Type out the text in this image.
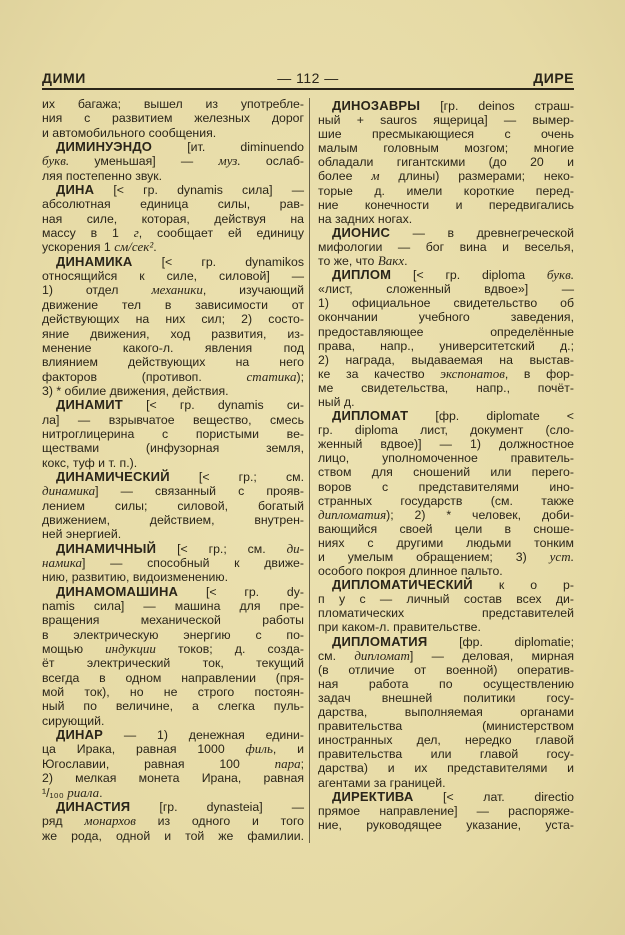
ДИМИ	— 112 —	ДИРЕ
их багажа; вышел из употребле-
ния с развитием железных дорог
и автомобильного сообщения.
ДИМИНУЭНДО [ит. diminuendo
букв. уменьшая] — муз. ослаб-
ляя постепенно звук.
ДИНА [< гр. dynamis сила] —
абсолютная единица силы, рав-
ная силе, которая, действуя на
массу в 1 г, сообщает ей единицу
ускорения 1 см/сек².
ДИНАМИКА [< гр. dynamikos
относящийся к силе, силовой] —
1) отдел механики, изучающий
движение тел в зависимости от
действующих на них сил; 2) состо-
яние движения, ход развития, из-
менение какого-л. явления под
влиянием действующих на него
факторов (противоп. статика);
3) * обилие движения, действия.
ДИНАМИТ [< гр. dynamis си-
ла] — взрывчатое вещество, смесь
нитроглицерина с пористыми ве-
ществами (инфузорная земля,
кокс, туф и т. п.).
ДИНАМИЧЕСКИЙ [< гр.; см.
динамика] — связанный с прояв-
лением силы; силовой, богатый
движением, действием, внутрен-
ней энергией.
ДИНАМИЧНЫЙ [< гр.; см. ди-
намика] — способный к движе-
нию, развитию, видоизменению.
ДИНАМОМАШИНА [< гр. dy-
namis сила] — машина для пре-
вращения механической работы
в электрическую энергию с по-
мощью индукции токов; д. созда-
ёт электрический ток, текущий
всегда в одном направлении (пря-
мой ток), но не строго постоян-
ный по величине, а слегка пуль-
сирующий.
ДИНАР — 1) денежная едини-
ца Ирака, равная 1000 филь, и
Югославии, равная 100 пара;
2) мелкая монета Ирана, равная
¹/₁₀₀ риала.
ДИНАСТИЯ [гр. dynasteia] —
ряд монархов из одного и того
же рода, одной и той же фамилии.
ДИНОЗАВРЫ [гр. deinos страш-
ный + sauros ящерица] — вымер-
шие пресмыкающиеся с очень
малым головным мозгом; многие
обладали гигантскими (до 20 и
более м длины) размерами; неко-
торые д. имели короткие перед-
ние конечности и передвигались
на задних ногах.
ДИОНИС — в древнегреческой
мифологии — бог вина и веселья,
то же, что Вакх.
ДИПЛОМ [< гр. diploma букв.
«лист, сложенный вдвое»] —
1) официальное свидетельство об
окончании учебного заведения,
предоставляющее определённые
права, напр., университетский д.;
2) награда, выдаваемая на выстав-
ке за качество экспонатов, в фор-
ме свидетельства, напр., почёт-
ный д.
ДИПЛОМАТ [фр. diplomate <
гр. diploma лист, документ (сло-
женный вдвое)] — 1) должностное
лицо, уполномоченное правитель-
ством для сношений или перего-
воров с представителями ино-
странных государств (см. также
дипломатия); 2) * человек, доби-
вающийся своей цели в сноше-
ниях с другими людьми тонким
и умелым обращением; 3) уст.
особого покроя длинное пальто.
ДИПЛОМАТИЧЕСКИЙ к о р-
п у с — личный состав всех ди-
пломатических представителей
при каком-л. правительстве.
ДИПЛОМАТИЯ [фр. diplomatie;
см. дипломат] — деловая, мирная
(в отличие от военной) оператив-
ная работа по осуществлению
задач внешней политики госу-
дарства, выполняемая органами
правительства (министерством
иностранных дел, нередко главой
правительства или главой госу-
дарства) и их представителями и
агентами за границей.
ДИРЕКТИВА [< лат. directio
прямое направление] — распоряже-
ние, руководящее указание, уста-
